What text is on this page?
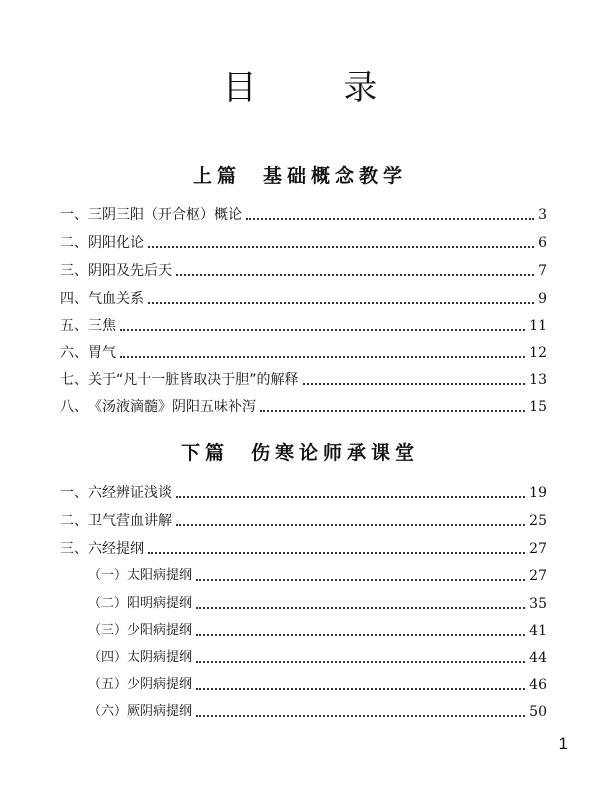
目 录
上篇 基础概念教学
一、 三阴三阳（开合枢）概论	3
二、 阴阳化论	6
三、 阴阳及先后天	7
四、 气血关系	9
五、 三焦	11
六、 胃气	12
七、 关于“凡十一脏皆取决于胆”的解释	13
八、 《汤液滴髓》阴阳五味补泻	15
下篇 伤寒论师承课堂
一、 六经辨证浅谈	19
二、 卫气营血讲解	25
三、 六经提纲	27
（一） 太阳病提纲	27
（二） 阳明病提纲	35
（三） 少阳病提纲	41
（四） 太阴病提纲	44
（五） 少阴病提纲	46
（六） 厥阴病提纲	50
1
